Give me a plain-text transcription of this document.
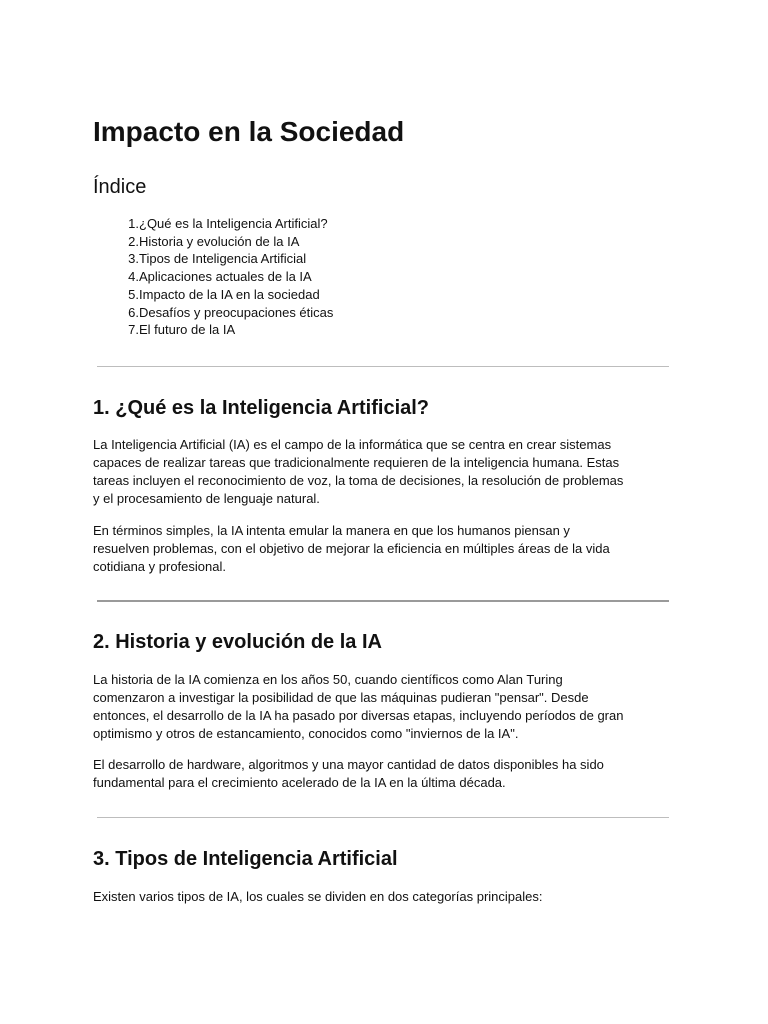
Impacto en la Sociedad
Índice
1. ¿Qué es la Inteligencia Artificial?
2. Historia y evolución de la IA
3. Tipos de Inteligencia Artificial
4. Aplicaciones actuales de la IA
5. Impacto de la IA en la sociedad
6. Desafíos y preocupaciones éticas
7. El futuro de la IA
1. ¿Qué es la Inteligencia Artificial?

La Inteligencia Artificial (IA) es el campo de la informática que se centra en crear sistemas
capaces de realizar tareas que tradicionalmente requieren de la inteligencia humana. Estas
tareas incluyen el reconocimiento de voz, la toma de decisiones, la resolución de problemas
y el procesamiento de lenguaje natural.

En términos simples, la IA intenta emular la manera en que los humanos piensan y
resuelven problemas, con el objetivo de mejorar la eficiencia en múltiples áreas de la vida
cotidiana y profesional.

2. Historia y evolución de la IA

La historia de la IA comienza en los años 50, cuando científicos como Alan Turing
comenzaron a investigar la posibilidad de que las máquinas pudieran "pensar". Desde
entonces, el desarrollo de la IA ha pasado por diversas etapas, incluyendo períodos de gran
optimismo y otros de estancamiento, conocidos como "inviernos de la IA".

El desarrollo de hardware, algoritmos y una mayor cantidad de datos disponibles ha sido
fundamental para el crecimiento acelerado de la IA en la última década.

3. Tipos de Inteligencia Artificial

Existen varios tipos de IA, los cuales se dividen en dos categorías principales:
